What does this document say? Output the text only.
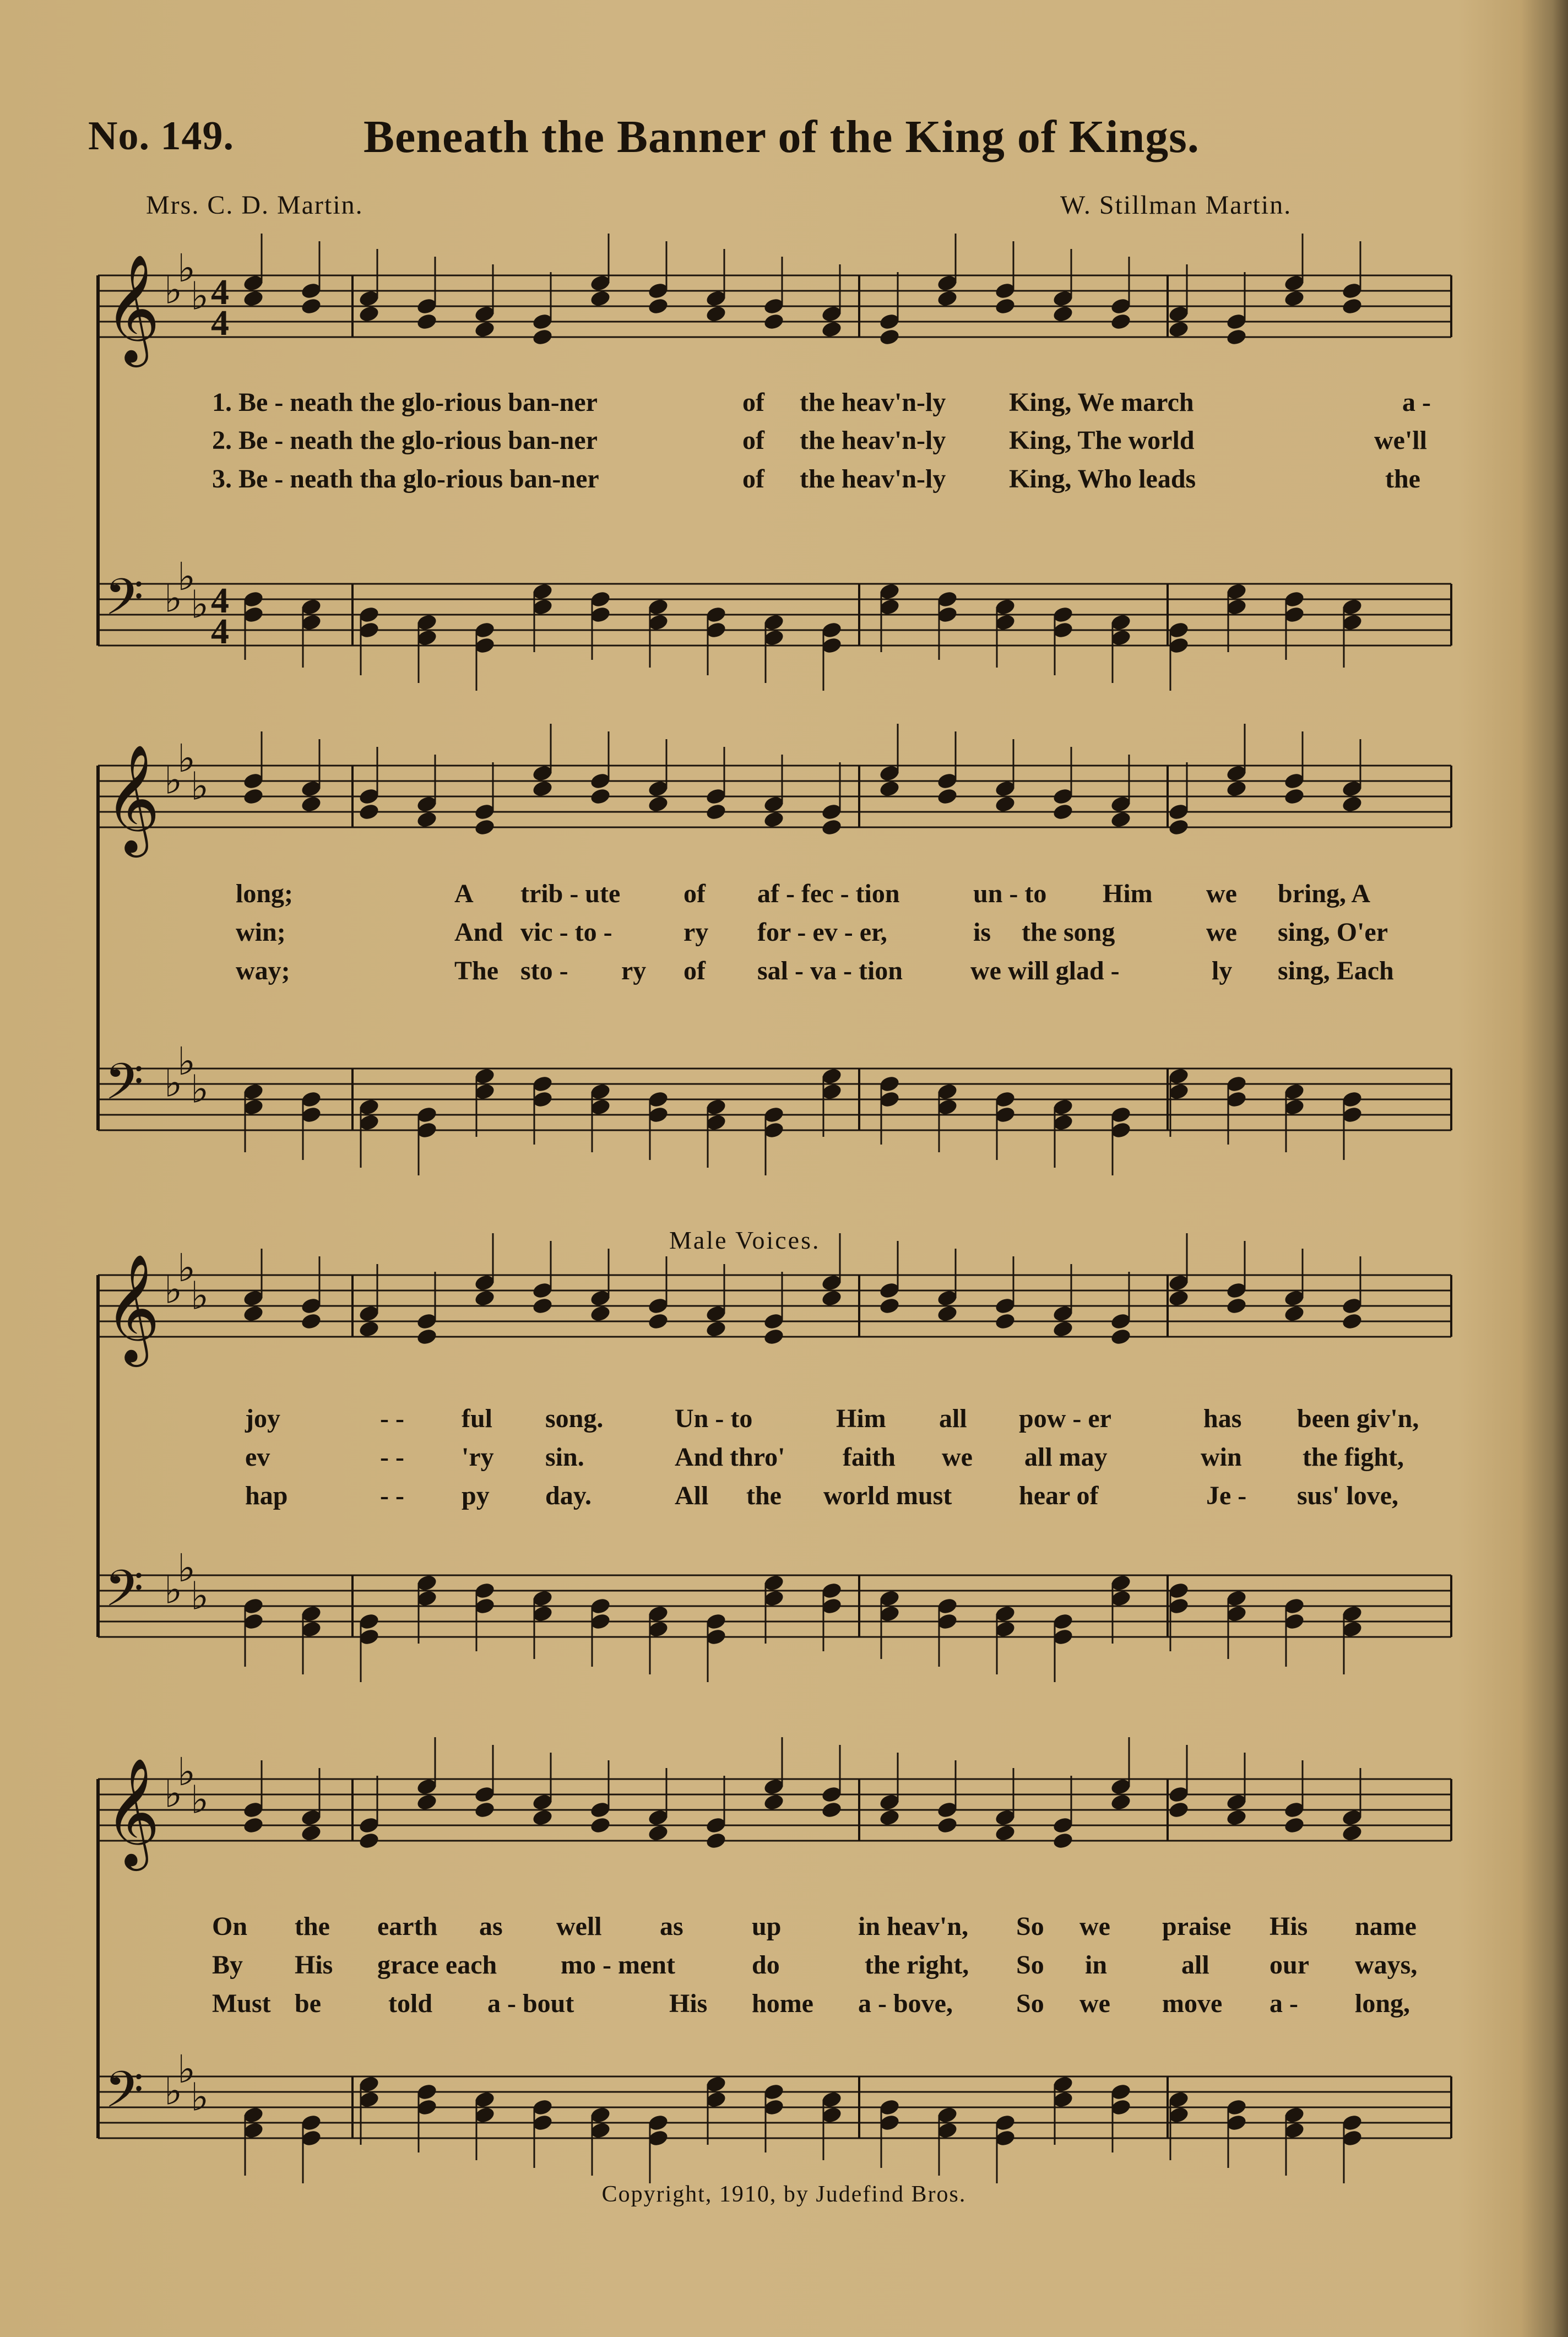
No. 149.	Beneath the Banner of the King of Kings.
Mrs. C. D. Martin.	W. Stillman Martin.
Male Voices.
𝄞 ♭
♭
♭ 4
4
𝄢 ♭
♭
♭ 4
4
1. Be - neath the glo-rious ban-ner	of the heav'n-ly King, We march	a -
2. Be - neath the glo-rious ban-ner	of the heav'n-ly King, The world	we'll
3. Be - neath tha glo-rious ban-ner	of the heav'n-ly King, Who leads	the
𝄞 ♭
♭
♭
𝄢 ♭
♭
♭
long;	A trib - ute of af - fec - tion	un - to Him we bring, A
win;	And vic - to -	ry for - ev - er,	is the song	we sing, O'er
way;	The sto - ry of sal - va - tion	we will glad -	ly sing, Each
𝄞 ♭
♭
♭
𝄢 ♭
♭
♭
joy	- - ful song.	Un - to	Him all pow - er	has been giv'n,
ev	- - 'ry sin.	And thro' faith we all may	win the fight,
hap	- - py day.	All the world must	hear of	Je - sus' love,
𝄞 ♭
♭
♭
𝄢 ♭
♭
♭
On the earth as well as	up	in heav'n, So we praise His name
By His grace each mo - ment	do	the right, So in	all our ways,
Must be	told a - bout	His home a - bove, So we move a - long,
Copyright, 1910, by Judefind Bros.
